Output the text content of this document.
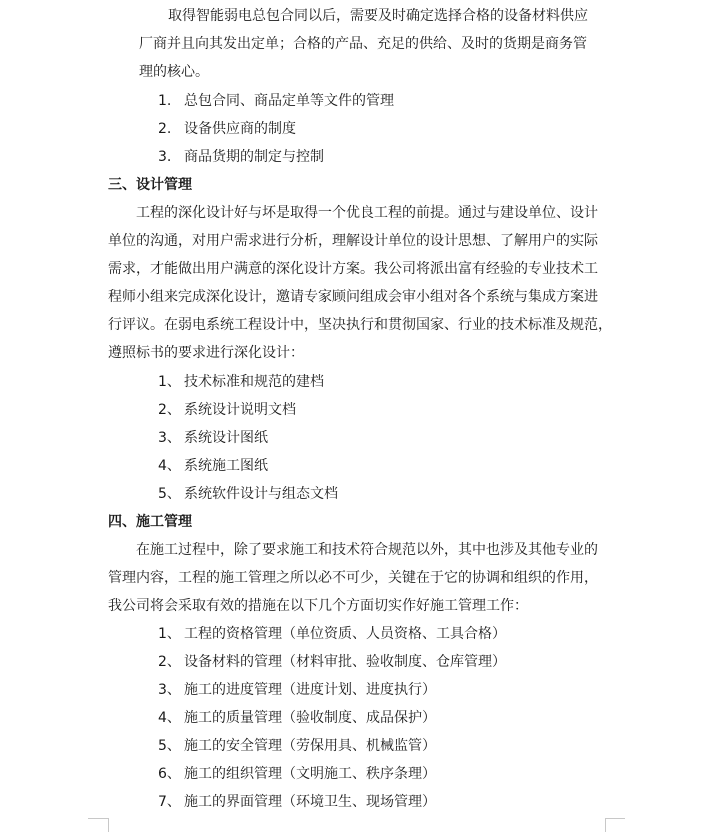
取得智能弱电总包合同以后，需要及时确定选择合格的设备材料供应
厂商并且向其发出定单；合格的产品、充足的供给、及时的货期是商务管
理的核心。
1. 总包合同、商品定单等文件的管理
2. 设备供应商的制度
3. 商品货期的制定与控制
三、设计管理
工程的深化设计好与坏是取得一个优良工程的前提。通过与建设单位、设计
单位的沟通，对用户需求进行分析，理解设计单位的设计思想、了解用户的实际
需求，才能做出用户满意的深化设计方案。我公司将派出富有经验的专业技术工
程师小组来完成深化设计，邀请专家顾问组成会审小组对各个系统与集成方案进
行评议。在弱电系统工程设计中，坚决执行和贯彻国家、行业的技术标准及规范，
遵照标书的要求进行深化设计：
1、 技术标准和规范的建档
2、 系统设计说明文档
3、 系统设计图纸
4、 系统施工图纸
5、 系统软件设计与组态文档
四、施工管理
在施工过程中，除了要求施工和技术符合规范以外，其中也涉及其他专业的
管理内容，工程的施工管理之所以必不可少，关键在于它的协调和组织的作用，
我公司将会采取有效的措施在以下几个方面切实作好施工管理工作：
1、 工程的资格管理（单位资质、人员资格、工具合格）
2、 设备材料的管理（材料审批、验收制度、仓库管理）
3、 施工的进度管理（进度计划、进度执行）
4、 施工的质量管理（验收制度、成品保护）
5、 施工的安全管理（劳保用具、机械监管）
6、 施工的组织管理（文明施工、秩序条理）
7、 施工的界面管理（环境卫生、现场管理）
